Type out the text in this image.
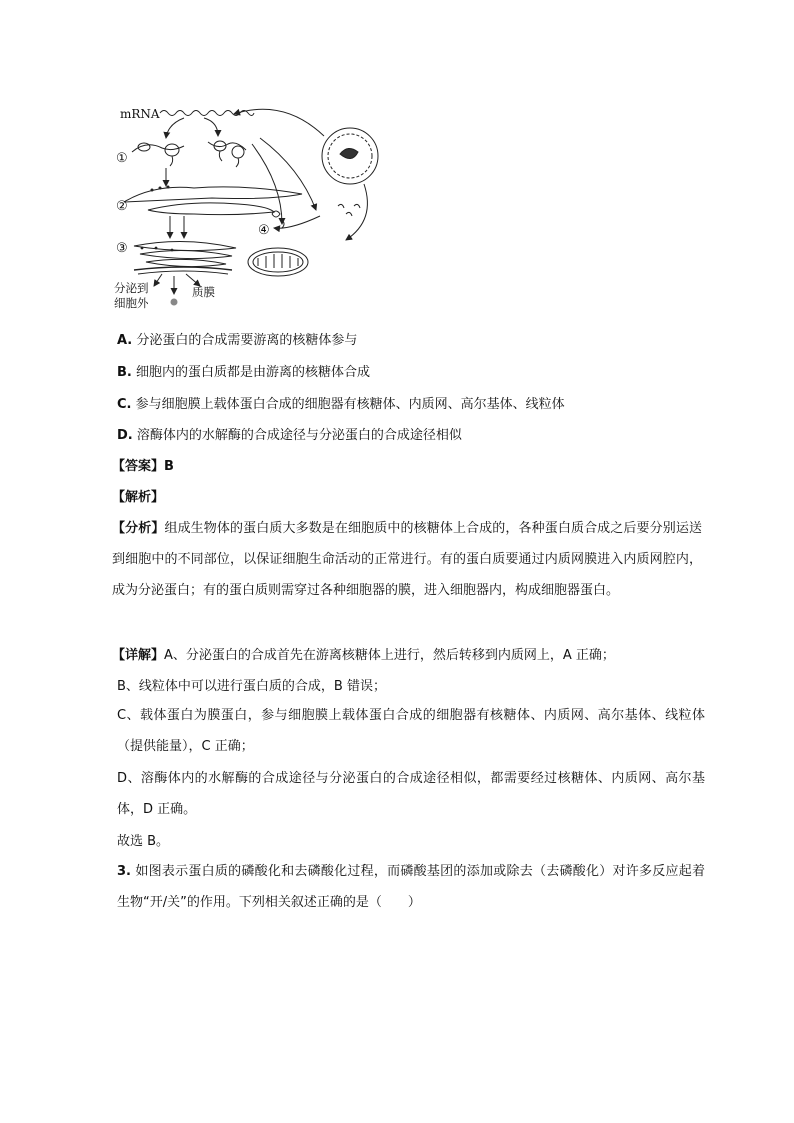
mRNA
①
②
③
④
分泌到
细胞外
质膜
A. 分泌蛋白的合成需要游离的核糖体参与
B. 细胞内的蛋白质都是由游离的核糖体合成
C. 参与细胞膜上载体蛋白合成的细胞器有核糖体、内质网、高尔基体、线粒体
D. 溶酶体内的水解酶的合成途径与分泌蛋白的合成途径相似
【答案】B
【解析】
【分析】组成生物体的蛋白质大多数是在细胞质中的核糖体上合成的，各种蛋白质合成之后要分别运送到细胞中的不同部位，以保证细胞生命活动的正常进行。有的蛋白质要通过内质网膜进入内质网腔内，成为分泌蛋白；有的蛋白质则需穿过各种细胞器的膜，进入细胞器内，构成细胞器蛋白。
【详解】A、分泌蛋白的合成首先在游离核糖体上进行，然后转移到内质网上，A 正确；
B、线粒体中可以进行蛋白质的合成，B 错误；
C、载体蛋白为膜蛋白，参与细胞膜上载体蛋白合成的细胞器有核糖体、内质网、高尔基体、线粒体（提供能量），C 正确；
D、溶酶体内的水解酶的合成途径与分泌蛋白的合成途径相似，都需要经过核糖体、内质网、高尔基体，D 正确。
故选 B。
3. 如图表示蛋白质的磷酸化和去磷酸化过程，而磷酸基团的添加或除去（去磷酸化）对许多反应起着生物“开/关”的作用。下列相关叙述正确的是（　　）
